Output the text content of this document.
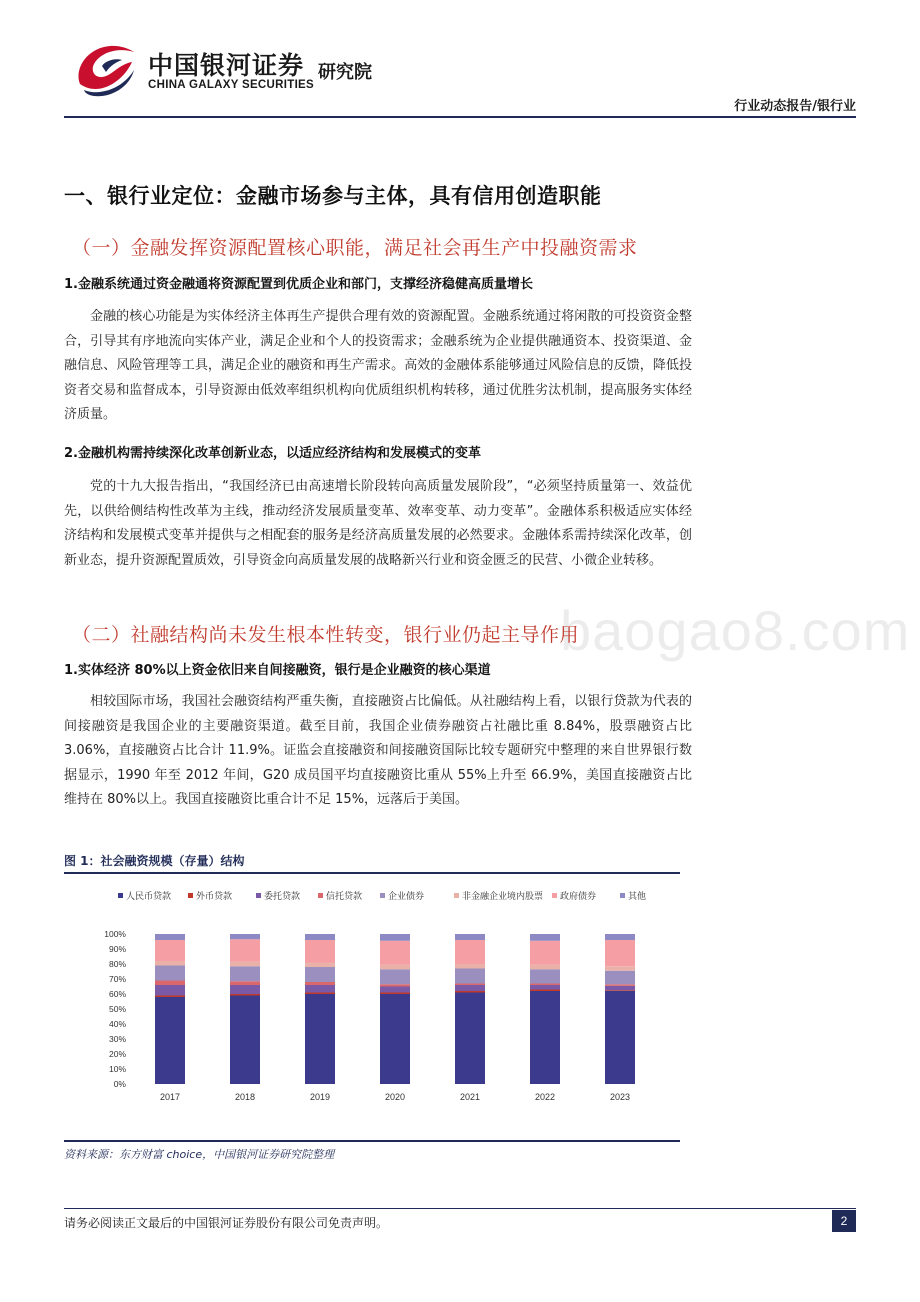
中国银河证券
CHINA GALAXY SECURITIES
研究院
行业动态报告/银行业
baogao8.com
一、银行业定位：金融市场参与主体，具有信用创造职能
（一）金融发挥资源配置核心职能，满足社会再生产中投融资需求
1.金融系统通过资金融通将资源配置到优质企业和部门，支撑经济稳健高质量增长
金融的核心功能是为实体经济主体再生产提供合理有效的资源配置。金融系统通过将闲散的可投资资金整合，引导其有序地流向实体产业，满足企业和个人的投资需求；金融系统为企业提供融通资本、投资渠道、金融信息、风险管理等工具，满足企业的融资和再生产需求。高效的金融体系能够通过风险信息的反馈，降低投资者交易和监督成本，引导资源由低效率组织机构向优质组织机构转移，通过优胜劣汰机制，提高服务实体经济质量。
2.金融机构需持续深化改革创新业态，以适应经济结构和发展模式的变革
党的十九大报告指出，“我国经济已由高速增长阶段转向高质量发展阶段”，“必须坚持质量第一、效益优先，以供给侧结构性改革为主线，推动经济发展质量变革、效率变革、动力变革”。金融体系积极适应实体经济结构和发展模式变革并提供与之相配套的服务是经济高质量发展的必然要求。金融体系需持续深化改革，创新业态，提升资源配置质效，引导资金向高质量发展的战略新兴行业和资金匮乏的民营、小微企业转移。
（二）社融结构尚未发生根本性转变，银行业仍起主导作用
1.实体经济 80%以上资金依旧来自间接融资，银行是企业融资的核心渠道
相较国际市场，我国社会融资结构严重失衡，直接融资占比偏低。从社融结构上看，以银行贷款为代表的间接融资是我国企业的主要融资渠道。截至目前，我国企业债券融资占社融比重 8.84%，股票融资占比 3.06%，直接融资占比合计 11.9%。证监会直接融资和间接融资国际比较专题研究中整理的来自世界银行数据显示，1990 年至 2012 年间，G20 成员国平均直接融资比重从 55%上升至 66.9%，美国直接融资占比维持在 80%以上。我国直接融资比重合计不足 15%，远落后于美国。
图 1：社会融资规模（存量）结构
人民币贷款	外币贷款	委托贷款	信托贷款	企业债券	非金融企业境内股票 政府债券	其他
0%
10%
20%
30%
40%
50%
60%
70%
80%
90%
100%
2017	2018	2019	2020	2021	2022	2023
资料来源：东方财富 choice，中国银河证券研究院整理
请务必阅读正文最后的中国银河证券股份有限公司免责声明。	2
